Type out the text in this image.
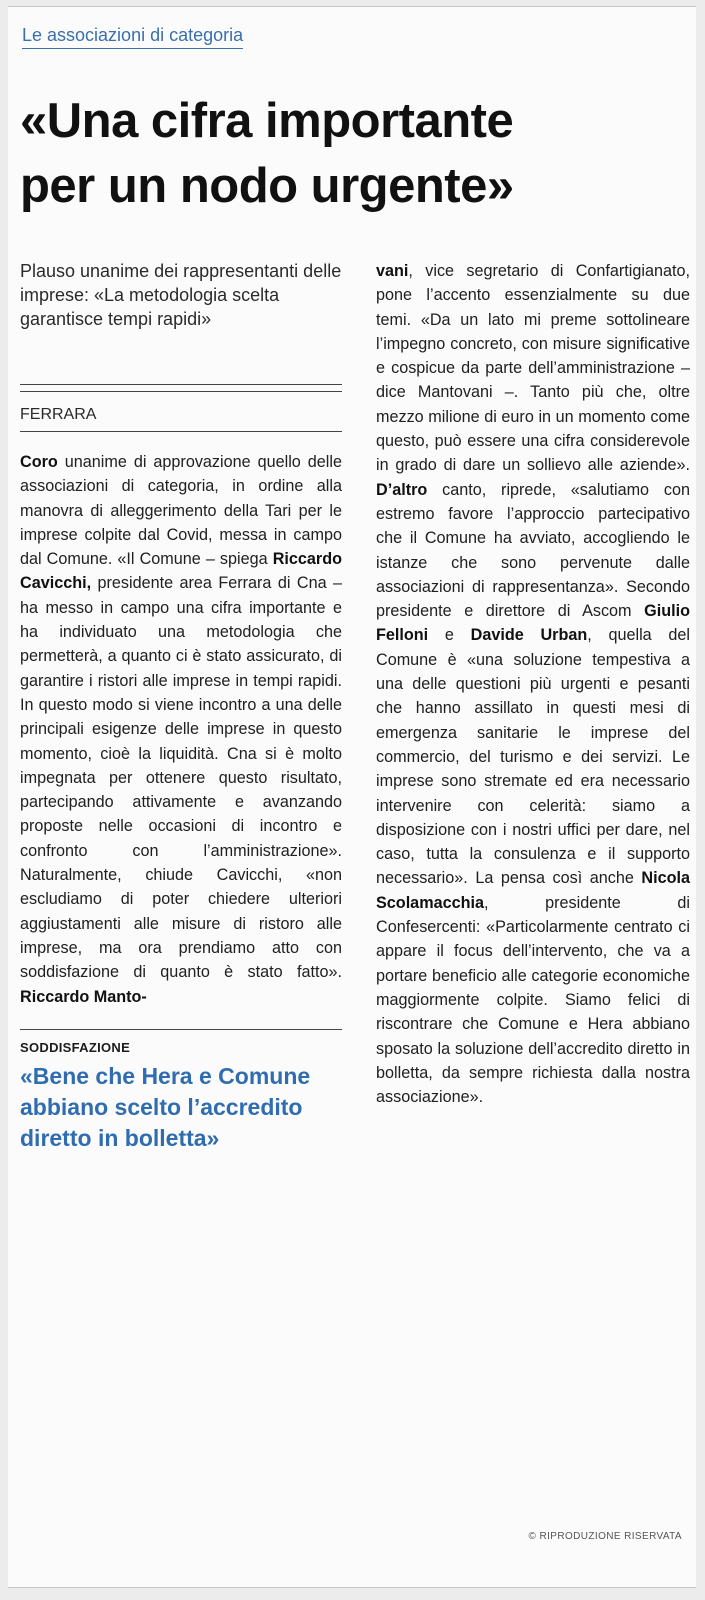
Le associazioni di categoria
«Una cifra importante
per un nodo urgente»
Plauso unanime dei rappresentanti delle imprese: «La metodologia scelta garantisce tempi rapidi»
FERRARA

Coro unanime di approvazione quello delle associazioni di categoria, in ordine alla manovra di alleggerimento della Tari per le imprese colpite dal Covid, messa in campo dal Comune. «Il Comune – spiega Riccardo Cavicchi, presidente area Ferrara di Cna – ha messo in campo una cifra importante e ha individuato una metodologia che permetterà, a quanto ci è stato assicurato, di garantire i ristori alle imprese in tempi rapidi. In questo modo si viene incontro a una delle principali esigenze delle imprese in questo momento, cioè la liquidità. Cna si è molto impegnata per ottenere questo risultato, partecipando attivamente e avanzando proposte nelle occasioni di incontro e confronto con l’amministrazione». Naturalmente, chiude Cavicchi, «non escludiamo di poter chiedere ulteriori aggiustamenti alle misure di ristoro alle imprese, ma ora prendiamo atto con soddisfazione di quanto è stato fatto». Riccardo Manto-

SODDISFAZIONE
«Bene che Hera e Comune abbiano scelto l’accredito diretto in bolletta»

vani, vice segretario di Confartigianato, pone l’accento essenzialmente su due temi. «Da un lato mi preme sottolineare l’impegno concreto, con misure significative e cospicue da parte dell’amministrazione – dice Mantovani –. Tanto più che, oltre mezzo milione di euro in un momento come questo, può essere una cifra considerevole in grado di dare un sollievo alle aziende». D’altro canto, riprede, «salutiamo con estremo favore l’approccio partecipativo che il Comune ha avviato, accogliendo le istanze che sono pervenute dalle associazioni di rappresentanza». Secondo presidente e direttore di Ascom Giulio Felloni e Davide Urban, quella del Comune è «una soluzione tempestiva a una delle questioni più urgenti e pesanti che hanno assillato in questi mesi di emergenza sanitarie le imprese del commercio, del turismo e dei servizi. Le imprese sono stremate ed era necessario intervenire con celerità: siamo a disposizione con i nostri uffici per dare, nel caso, tutta la consulenza e il supporto necessario». La pensa così anche Nicola Scolamacchia, presidente di Confesercenti: «Particolarmente centrato ci appare il focus dell’intervento, che va a portare beneficio alle categorie economiche maggiormente colpite. Siamo felici di riscontrare che Comune e Hera abbiano sposato la soluzione dell’accredito diretto in bolletta, da sempre richiesta dalla nostra associazione».

© RIPRODUZIONE RISERVATA
